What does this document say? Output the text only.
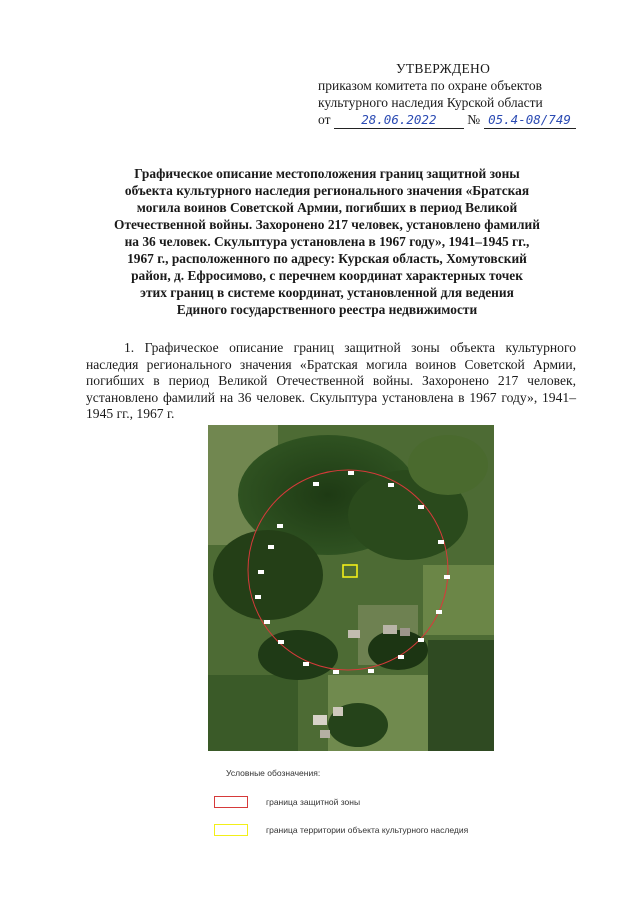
УТВЕРЖДЕНО
приказом комитета по охране объектов
культурного наследия Курской области
от 28.06.2022 № 05.4-08/749
Графическое описание местоположения границ защитной зоны
объекта культурного наследия регионального значения «Братская
могила воинов Советской Армии, погибших в период Великой
Отечественной войны. Захоронено 217 человек, установлено фамилий
на 36 человек. Скульптура установлена в 1967 году», 1941–1945 гг.,
1967 г., расположенного по адресу: Курская область, Хомутовский
район, д. Ефросимово, с перечнем координат характерных точек
этих границ в системе координат, установленной для ведения
Единого государственного реестра недвижимости
1. Графическое описание границ защитной зоны объекта культурного наследия регионального значения «Братская могила воинов Советской Армии, погибших в период Великой Отечественной войны. Захоронено 217 человек, установлено фамилий на 36 человек. Скульптура установлена в 1967 году», 1941–1945 гг., 1967 г.
Условные обозначения:
граница защитной зоны
граница территории объекта культурного наследия
